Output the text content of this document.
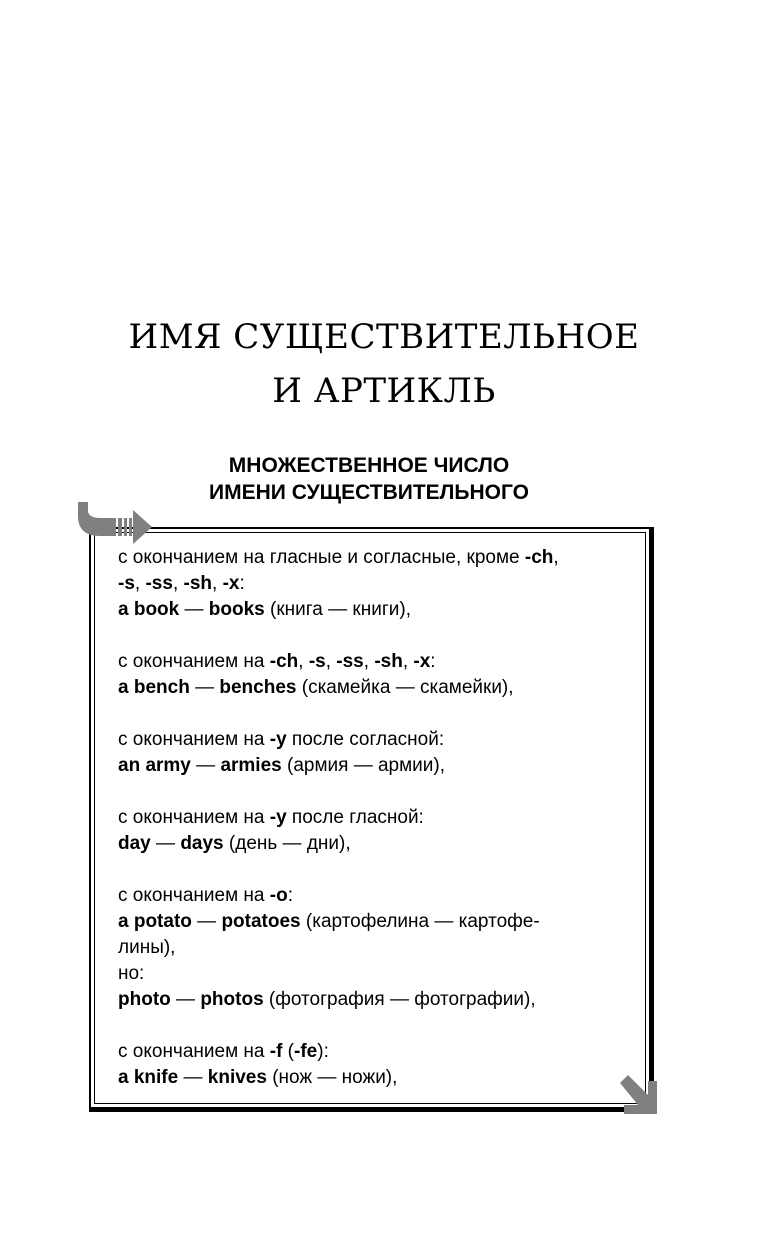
ИМЯ СУЩЕСТВИТЕЛЬНОЕ
И АРТИКЛЬ
МНОЖЕСТВЕННОЕ ЧИСЛО
ИМЕНИ СУЩЕСТВИТЕЛЬНОГО

с окончанием на гласные и согласные, кроме -ch,

-s, -ss, -sh, -x:

a book — books (книга — книги),

с окончанием на -ch, -s, -ss, -sh, -x:

a bench — benches (скамейка — скамейки),

с окончанием на -y после согласной:

an army — armies (армия — армии),

с окончанием на -y после гласной:

day — days (день — дни),

с окончанием на -o:

a potato — potatoes (картофелина — картофе-

лины),

но:

photo — photos (фотография — фотографии),

с окончанием на -f (-fe):

a knife — knives (нож — ножи),
